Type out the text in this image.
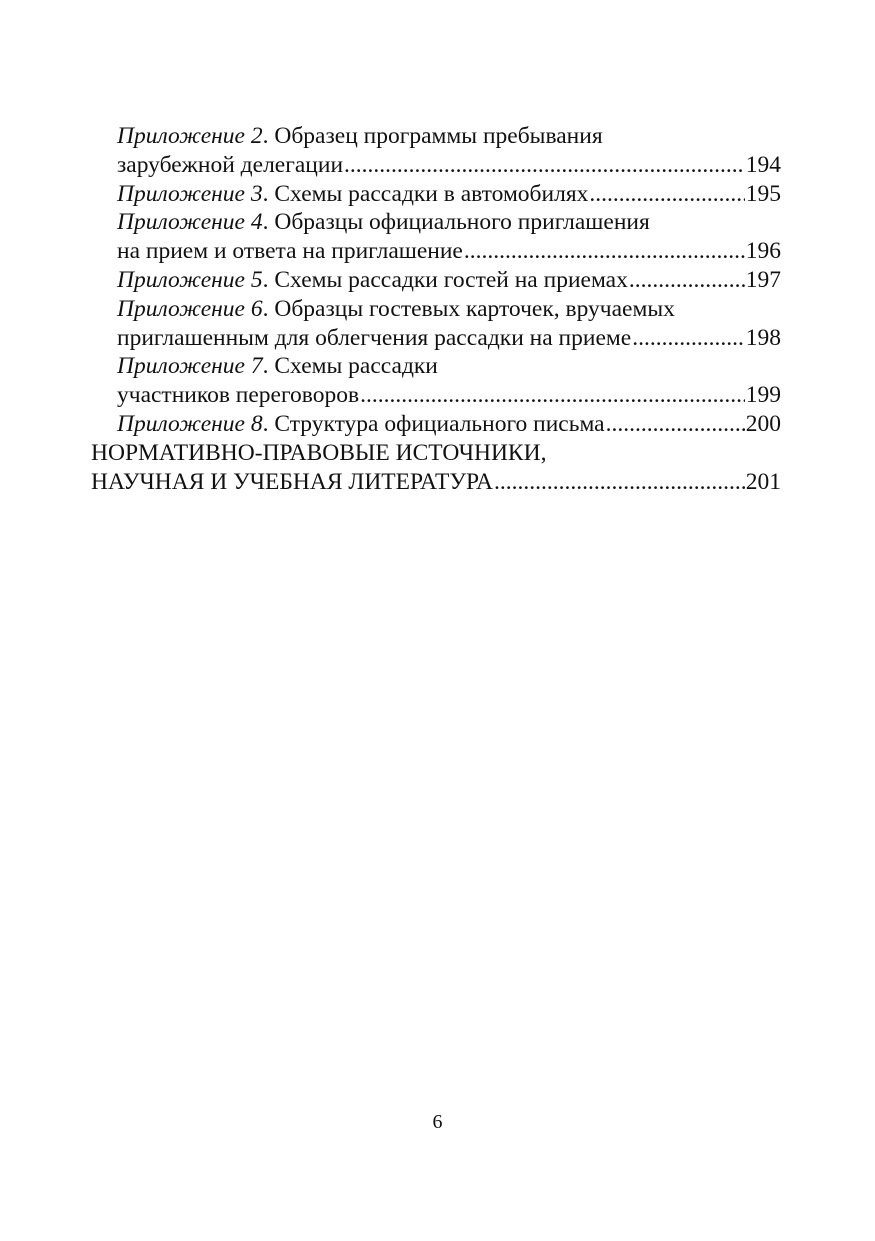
Приложение 2 . Образец программы пребывания
зарубежной делегации .....	194
Приложение 3 . Схемы рассадки в автомобилях .....	195
Приложение 4 . Образцы официального приглашения
на прием и ответа на приглашение .....	196
Приложение 5 . Схемы рассадки гостей на приемах .....	197
Приложение 6 . Образцы гостевых карточек, вручаемых
приглашенным для облегчения рассадки на приеме .....	198
Приложение 7 . Схемы рассадки
участников переговоров .....	199
Приложение 8 . Структура официального письма .....	200
НОРМАТИВНО-ПРАВОВЫЕ ИСТОЧНИКИ,
НАУЧНАЯ И УЧЕБНАЯ ЛИТЕРАТУРА .....	201
6
